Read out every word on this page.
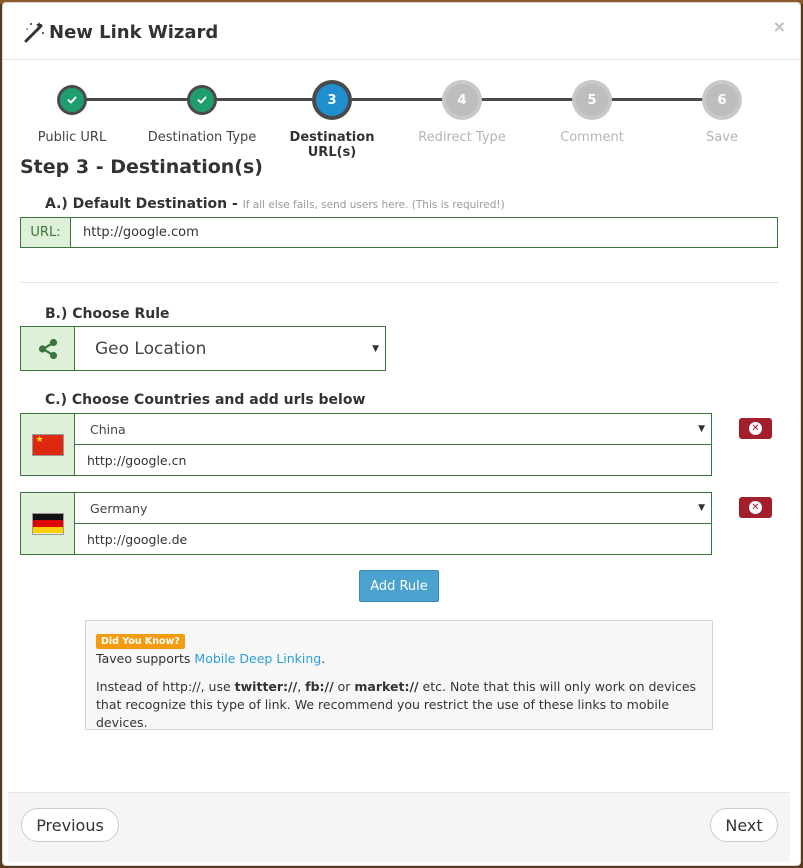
New Link Wizard	×
Public URL	Destination Type
3
Destination URL(s)
4
Redirect Type
5
Comment
6
Save
Step 3 - Destination(s)
A.) Default Destination - If all else fails, send users here. (This is required!)
URL:
http://google.com
B.) Choose Rule
Geo Location	▼
C.) Choose Countries and add urls below
★
China	▼
http://google.cn
✕
Germany	▼
http://google.de
✕
Add Rule
Did You Know?
Taveo supports Mobile Deep Linking.
Instead of http://, use twitter://, fb:// or market:// etc. Note that this will only work on devices that recognize this type of link. We recommend you restrict the use of these links to mobile devices.
Previous	Next
